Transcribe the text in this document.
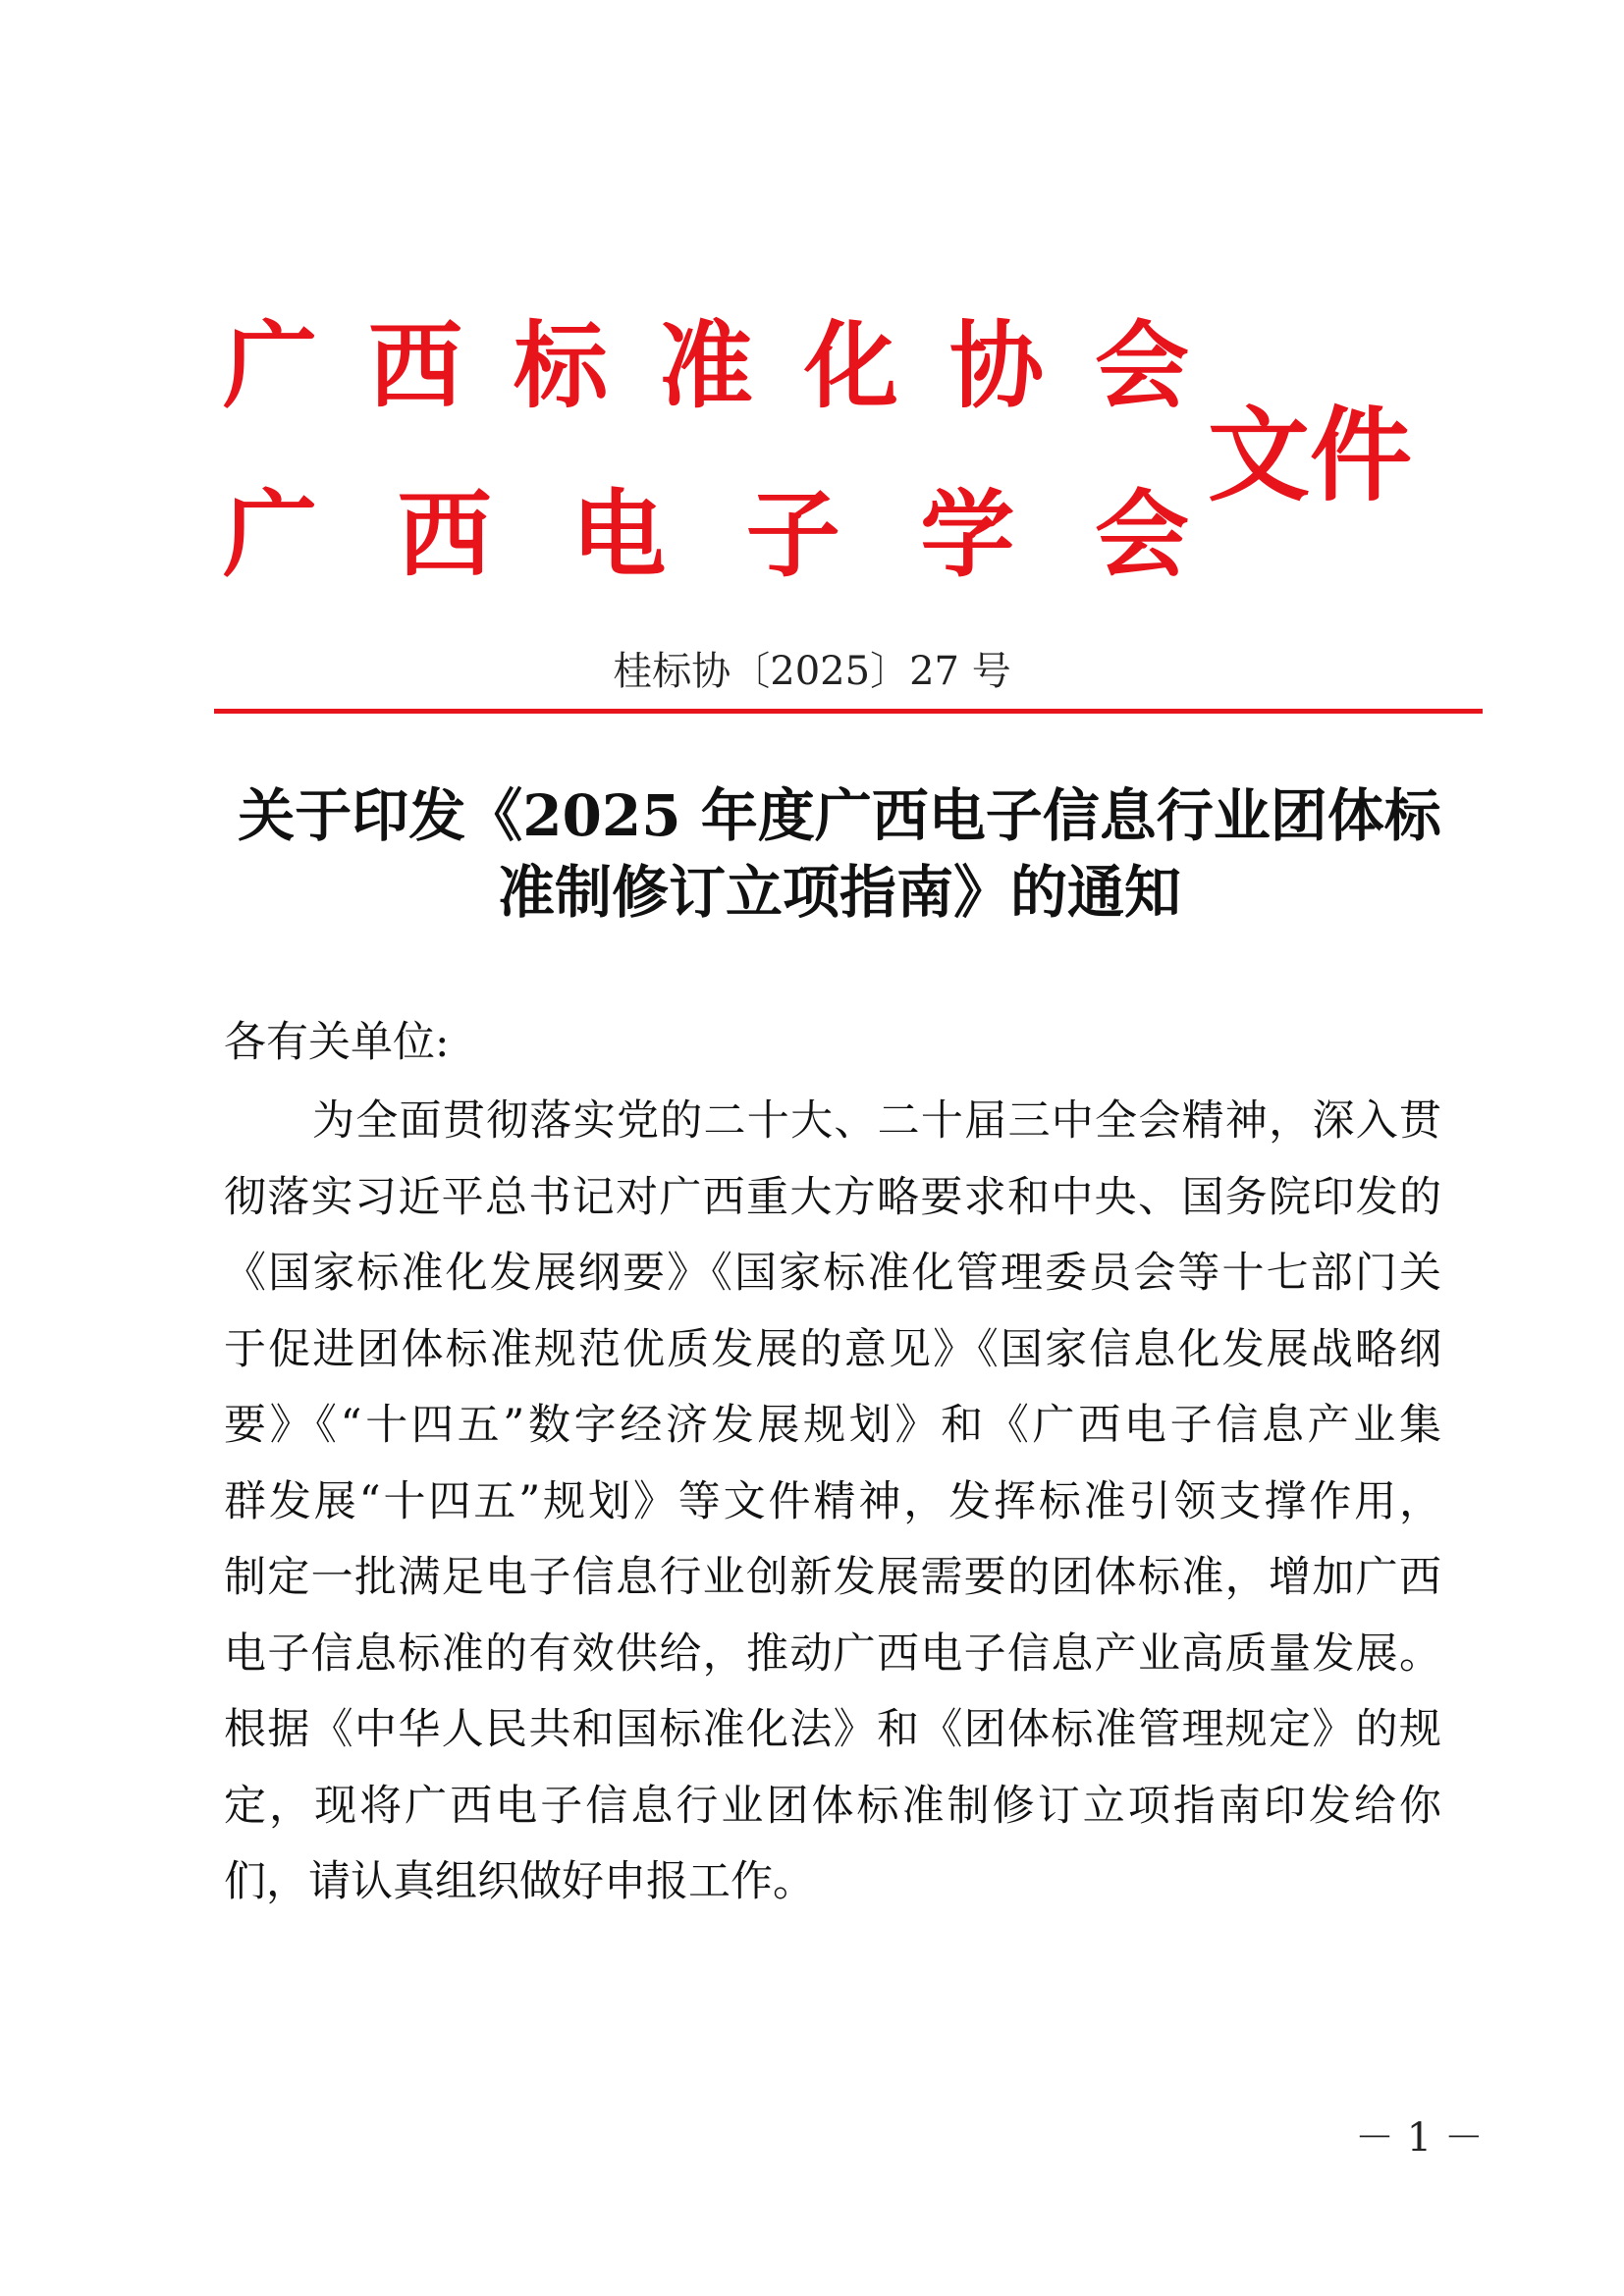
广 西 标 准 化 协 会
广 西 电 子 学 会
文件
桂标协〔2025〕27 号
关于印发《2025 年度广西电子信息行业团体标
准制修订立项指南》的通知
各有关单位:
为全面贯彻落实党的二十大、二十届三中全会精神，深入贯
彻落实习近平总书记对广西重大方略要求和中央、国务院印发的
《国家标准化发展纲要》《国家标准化管理委员会等十七部门关
于促进团体标准规范优质发展的意见》《国家信息化发展战略纲
要》《“十四五”数字经济发展规划》和《广西电子信息产业集
群发展“十四五”规划》等文件精神，发挥标准引领支撑作用，
制定一批满足电子信息行业创新发展需要的团体标准，增加广西
电子信息标准的有效供给，推动广西电子信息产业高质量发展。
根据《中华人民共和国标准化法》和《团体标准管理规定》的规
定，现将广西电子信息行业团体标准制修订立项指南印发给你
们，请认真组织做好申报工作。
－ 1 －
